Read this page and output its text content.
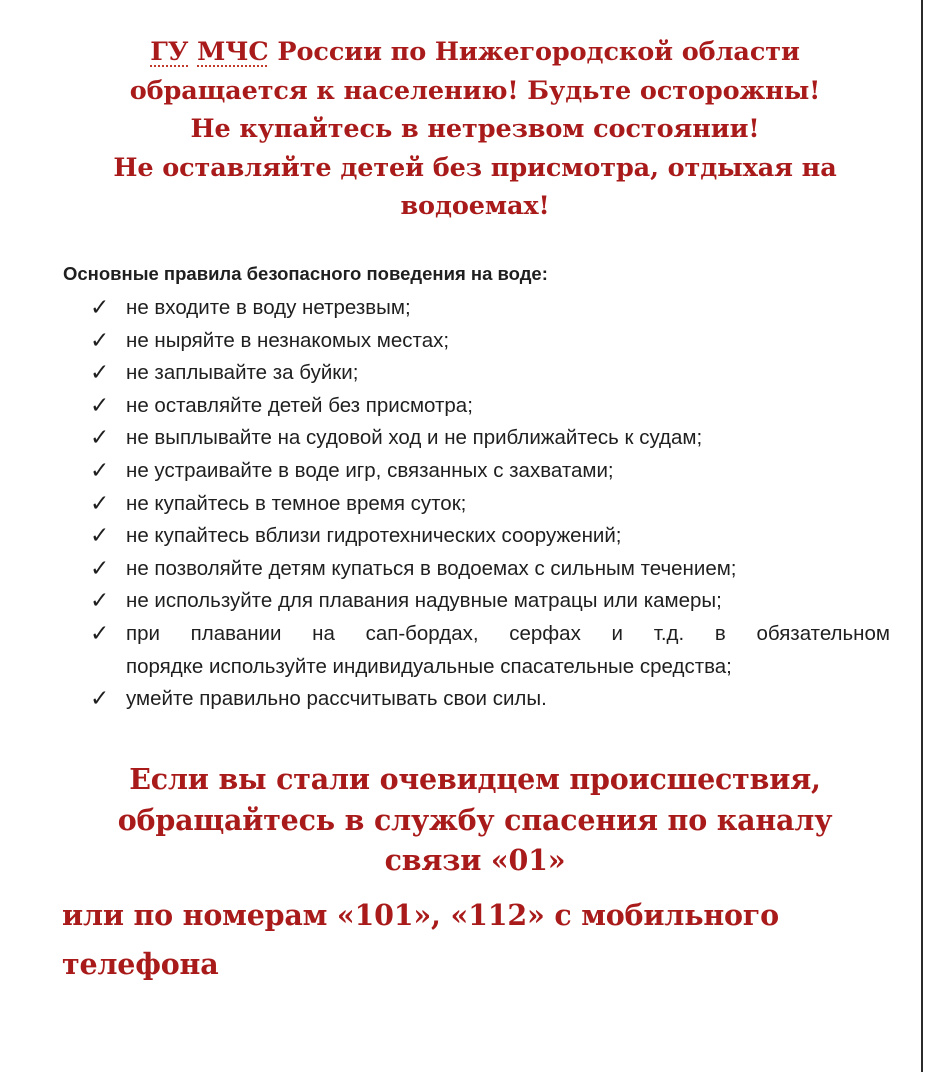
ГУ МЧС России по Нижегородской области
обращается к населению! Будьте осторожны!
Не купайтесь в нетрезвом состоянии!
Не оставляйте детей без присмотра, отдыхая на
водоемах!

Основные правила безопасного поведения на воде:

✓ не входите в воду нетрезвым;
✓ не ныряйте в незнакомых местах;
✓ не заплывайте за буйки;
✓ не оставляйте детей без присмотра;
✓ не выплывайте на судовой ход и не приближайтесь к судам;
✓ не устраивайте в воде игр, связанных с захватами;
✓ не купайтесь в темное время суток;
✓ не купайтесь вблизи гидротехнических сооружений;
✓ не позволяйте детям купаться в водоемах с сильным течением;
✓ не используйте для плавания надувные матрацы или камеры;
✓ при плавании на сап-бордах, серфах и т.д. в обязательном
порядке используйте индивидуальные спасательные средства;
✓ умейте правильно рассчитывать свои силы.
Если вы стали очевидцем происшествия,
обращайтесь в службу спасения по каналу
связи «01»
или по номерам «101», «112» с мобильного
телефона
